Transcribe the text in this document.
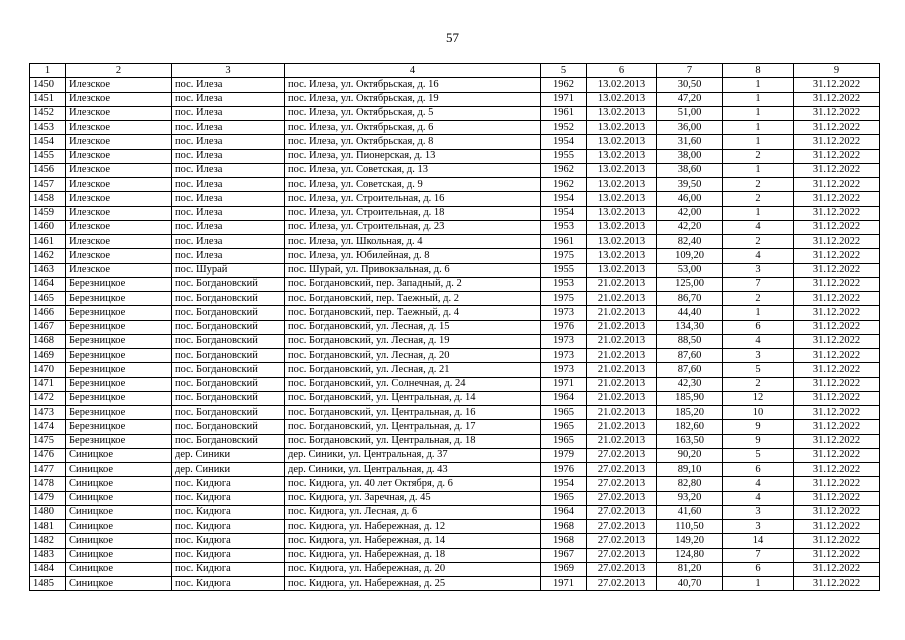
57
1	2	3	4	5	6	7	8	9
1450	Илезское	пос. Илеза	пос. Илеза, ул. Октябрьская, д. 16	1962	13.02.2013	30,50	1	31.12.2022
1451	Илезское	пос. Илеза	пос. Илеза, ул. Октябрьская, д. 19	1971	13.02.2013	47,20	1	31.12.2022
1452	Илезское	пос. Илеза	пос. Илеза, ул. Октябрьская, д. 5	1961	13.02.2013	51,00	1	31.12.2022
1453	Илезское	пос. Илеза	пос. Илеза, ул. Октябрьская, д. 6	1952	13.02.2013	36,00	1	31.12.2022
1454	Илезское	пос. Илеза	пос. Илеза, ул. Октябрьская, д. 8	1954	13.02.2013	31,60	1	31.12.2022
1455	Илезское	пос. Илеза	пос. Илеза, ул. Пионерская, д. 13	1955	13.02.2013	38,00	2	31.12.2022
1456	Илезское	пос. Илеза	пос. Илеза, ул. Советская, д. 13	1962	13.02.2013	38,60	1	31.12.2022
1457	Илезское	пос. Илеза	пос. Илеза, ул. Советская, д. 9	1962	13.02.2013	39,50	2	31.12.2022
1458	Илезское	пос. Илеза	пос. Илеза, ул. Строительная, д. 16	1954	13.02.2013	46,00	2	31.12.2022
1459	Илезское	пос. Илеза	пос. Илеза, ул. Строительная, д. 18	1954	13.02.2013	42,00	1	31.12.2022
1460	Илезское	пос. Илеза	пос. Илеза, ул. Строительная, д. 23	1953	13.02.2013	42,20	4	31.12.2022
1461	Илезское	пос. Илеза	пос. Илеза, ул. Школьная, д. 4	1961	13.02.2013	82,40	2	31.12.2022
1462	Илезское	пос. Илеза	пос. Илеза, ул. Юбилейная, д. 8	1975	13.02.2013	109,20	4	31.12.2022
1463	Илезское	пос. Шурай	пос. Шурай, ул. Привокзальная, д. 6	1955	13.02.2013	53,00	3	31.12.2022
1464	Березницкое	пос. Богдановский	пос. Богдановский, пер. Западный, д. 2	1953	21.02.2013	125,00	7	31.12.2022
1465	Березницкое	пос. Богдановский	пос. Богдановский, пер. Таежный, д. 2	1975	21.02.2013	86,70	2	31.12.2022
1466	Березницкое	пос. Богдановский	пос. Богдановский, пер. Таежный, д. 4	1973	21.02.2013	44,40	1	31.12.2022
1467	Березницкое	пос. Богдановский	пос. Богдановский, ул. Лесная, д. 15	1976	21.02.2013	134,30	6	31.12.2022
1468	Березницкое	пос. Богдановский	пос. Богдановский, ул. Лесная, д. 19	1973	21.02.2013	88,50	4	31.12.2022
1469	Березницкое	пос. Богдановский	пос. Богдановский, ул. Лесная, д. 20	1973	21.02.2013	87,60	3	31.12.2022
1470	Березницкое	пос. Богдановский	пос. Богдановский, ул. Лесная, д. 21	1973	21.02.2013	87,60	5	31.12.2022
1471	Березницкое	пос. Богдановский	пос. Богдановский, ул. Солнечная, д. 24	1971	21.02.2013	42,30	2	31.12.2022
1472	Березницкое	пос. Богдановский	пос. Богдановский, ул. Центральная, д. 14	1964	21.02.2013	185,90	12	31.12.2022
1473	Березницкое	пос. Богдановский	пос. Богдановский, ул. Центральная, д. 16	1965	21.02.2013	185,20	10	31.12.2022
1474	Березницкое	пос. Богдановский	пос. Богдановский, ул. Центральная, д. 17	1965	21.02.2013	182,60	9	31.12.2022
1475	Березницкое	пос. Богдановский	пос. Богдановский, ул. Центральная, д. 18	1965	21.02.2013	163,50	9	31.12.2022
1476	Синицкое	дер. Синики	дер. Синики, ул. Центральная, д. 37	1979	27.02.2013	90,20	5	31.12.2022
1477	Синицкое	дер. Синики	дер. Синики, ул. Центральная, д. 43	1976	27.02.2013	89,10	6	31.12.2022
1478	Синицкое	пос. Кидюга	пос. Кидюга, ул. 40 лет Октября, д. 6	1954	27.02.2013	82,80	4	31.12.2022
1479	Синицкое	пос. Кидюга	пос. Кидюга, ул. Заречная, д. 45	1965	27.02.2013	93,20	4	31.12.2022
1480	Синицкое	пос. Кидюга	пос. Кидюга, ул. Лесная, д. 6	1964	27.02.2013	41,60	3	31.12.2022
1481	Синицкое	пос. Кидюга	пос. Кидюга, ул. Набережная, д. 12	1968	27.02.2013	110,50	3	31.12.2022
1482	Синицкое	пос. Кидюга	пос. Кидюга, ул. Набережная, д. 14	1968	27.02.2013	149,20	14	31.12.2022
1483	Синицкое	пос. Кидюга	пос. Кидюга, ул. Набережная, д. 18	1967	27.02.2013	124,80	7	31.12.2022
1484	Синицкое	пос. Кидюга	пос. Кидюга, ул. Набережная, д. 20	1969	27.02.2013	81,20	6	31.12.2022
1485	Синицкое	пос. Кидюга	пос. Кидюга, ул. Набережная, д. 25	1971	27.02.2013	40,70	1	31.12.2022
